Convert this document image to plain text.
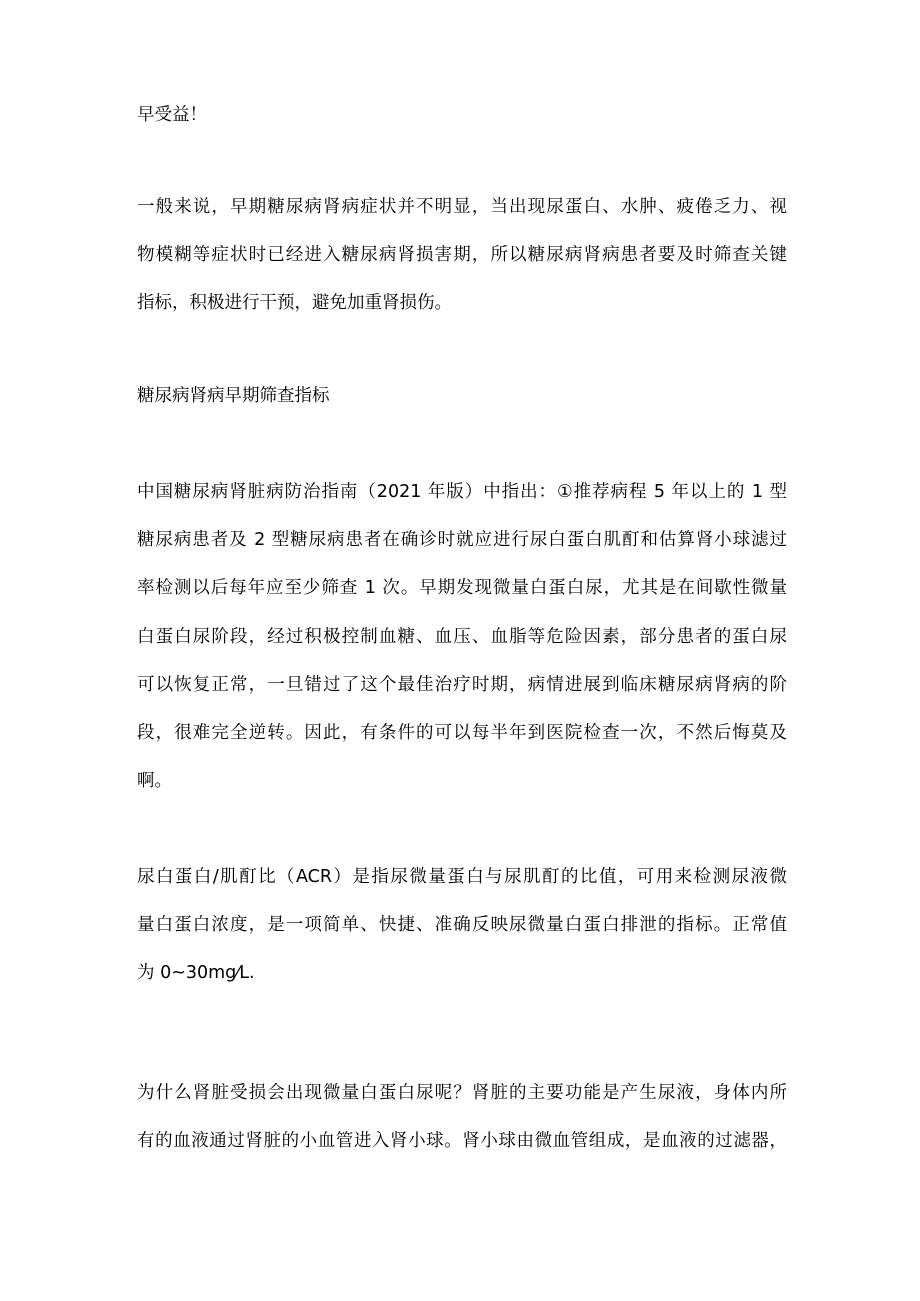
早受益！
一般来说，早期糖尿病肾病症状并不明显，当出现尿蛋白、水肿、疲倦乏力、视
物模糊等症状时已经进入糖尿病肾损害期，所以糖尿病肾病患者要及时筛查关键
指标，积极进行干预，避免加重肾损伤。
糖尿病肾病早期筛查指标
中国糖尿病肾脏病防治指南（2021 年版）中指出：①推荐病程 5 年以上的 1 型
糖尿病患者及 2 型糖尿病患者在确诊时就应进行尿白蛋白肌酊和估算肾小球滤过
率检测以后每年应至少筛查 1 次。早期发现微量白蛋白尿，尤其是在间歇性微量
白蛋白尿阶段，经过积极控制血糖、血压、血脂等危险因素，部分患者的蛋白尿
可以恢复正常，一旦错过了这个最佳治疗时期，病情进展到临床糖尿病肾病的阶
段，很难完全逆转。因此，有条件的可以每半年到医院检查一次，不然后悔莫及
啊。
尿白蛋白/肌酊比（ACR）是指尿微量蛋白与尿肌酊的比值，可用来检测尿液微
量白蛋白浓度，是一项简单、快捷、准确反映尿微量白蛋白排泄的指标。正常值
为 0~30mg⁄L.
为什么肾脏受损会出现微量白蛋白尿呢？肾脏的主要功能是产生尿液，身体内所
有的血液通过肾脏的小血管进入肾小球。肾小球由微血管组成，是血液的过滤器，
